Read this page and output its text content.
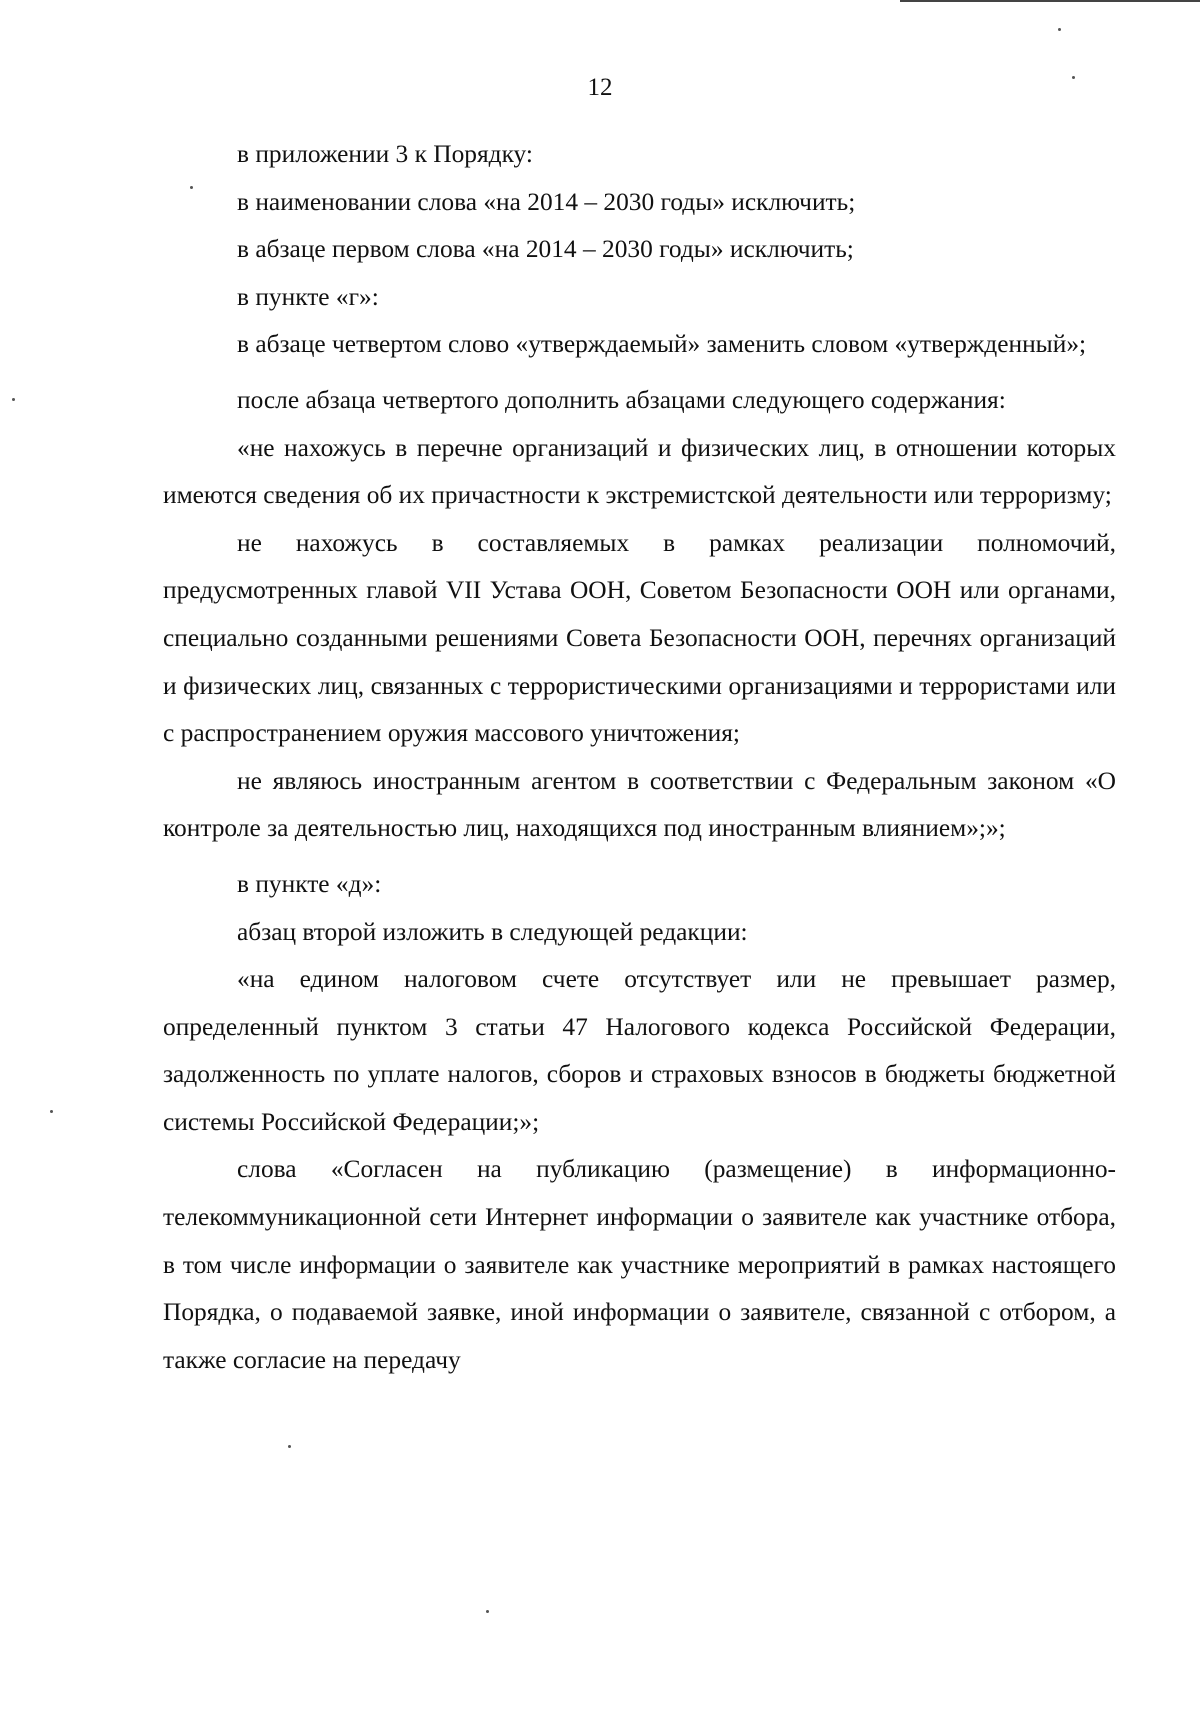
12

в приложении 3 к Порядку:

в наименовании слова «на 2014 – 2030 годы» исключить;

в абзаце первом слова «на 2014 – 2030 годы» исключить;

в пункте «г»:

в абзаце четвертом слово «утверждаемый» заменить словом «утвержденный»;

после абзаца четвертого дополнить абзацами следующего содержания:

«не нахожусь в перечне организаций и физических лиц, в отношении которых имеются сведения об их причастности к экстремистской деятельности или терроризму;

не нахожусь в составляемых в рамках реализации полномочий, предусмотренных главой VII Устава ООН, Советом Безопасности ООН или органами, специально созданными решениями Совета Безопасности ООН, перечнях организаций и физических лиц, связанных с террористическими организациями и террористами или с распространением оружия массового уничтожения;

не являюсь иностранным агентом в соответствии с Федеральным законом «О контроле за деятельностью лиц, находящихся под иностранным влиянием»;»;

в пункте «д»:

абзац второй изложить в следующей редакции:

«на едином налоговом счете отсутствует или не превышает размер, определенный пунктом 3 статьи 47 Налогового кодекса Российской Федерации, задолженность по уплате налогов, сборов и страховых взносов в бюджеты бюджетной системы Российской Федерации;»;

слова «Согласен на публикацию (размещение) в информационно-телекоммуникационной сети Интернет информации о заявителе как участнике отбора, в том числе информации о заявителе как участнике мероприятий в рамках настоящего Порядка, о подаваемой заявке, иной информации о заявителе, связанной с отбором, а также согласие на передачу
